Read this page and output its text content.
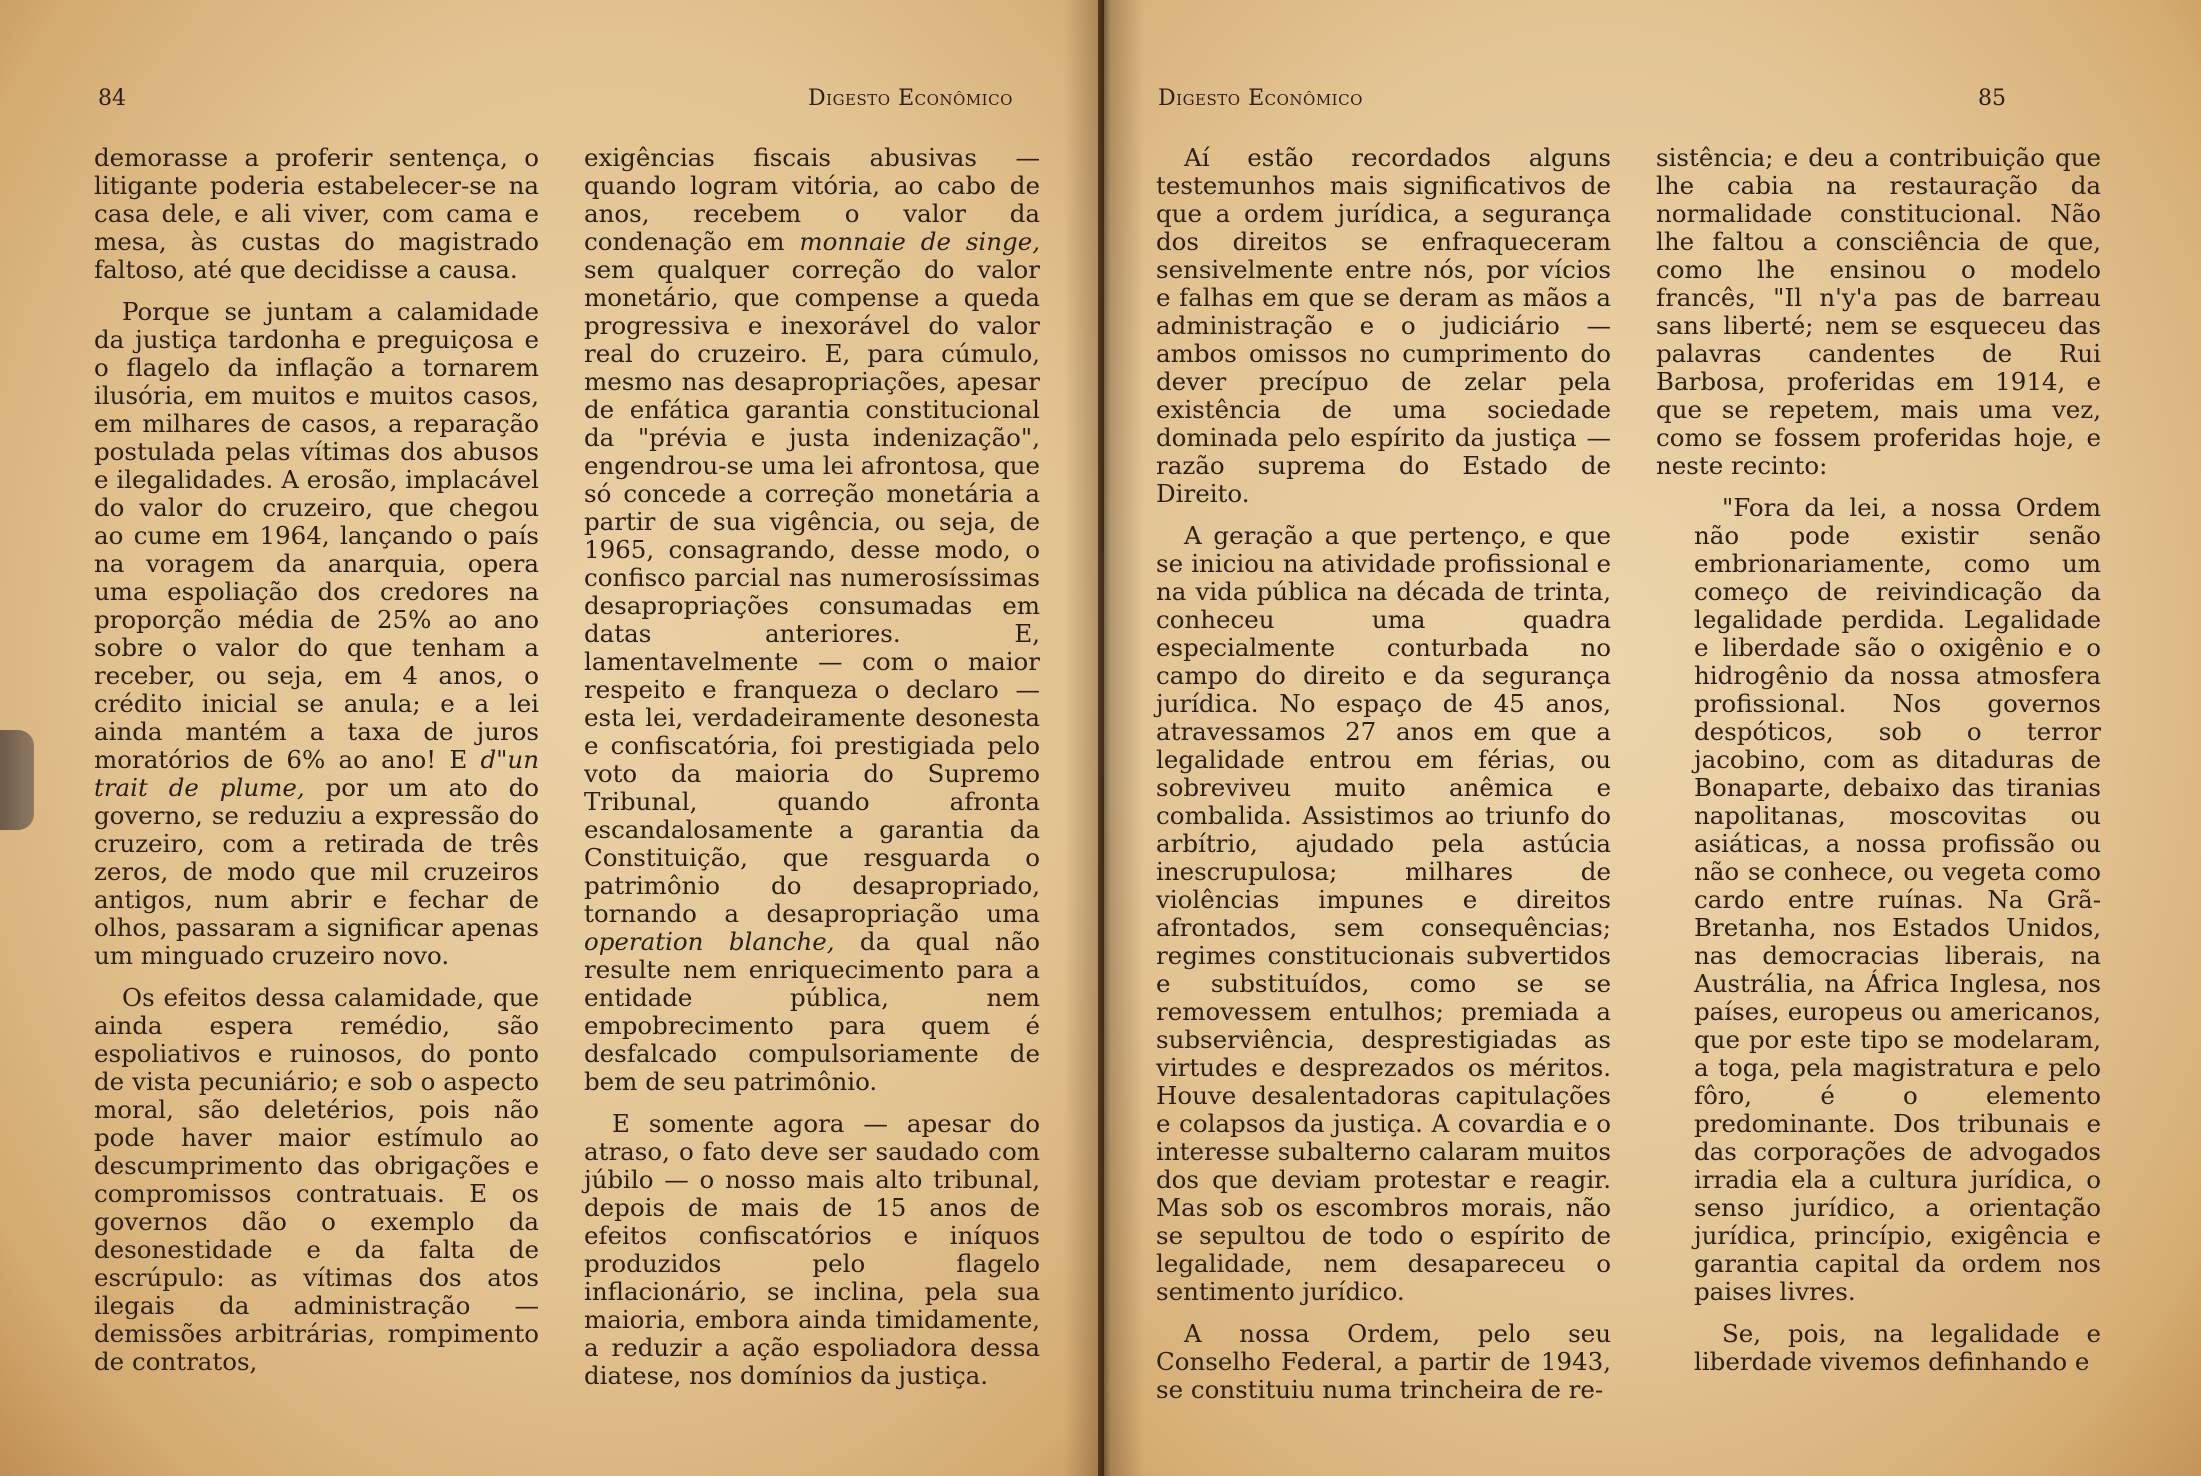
84	Digesto Econômico

demorasse a proferir sentença, o litigante poderia estabelecer-se na casa dele, e ali viver, com cama e mesa, às custas do magistrado faltoso, até que decidisse a causa.

Porque se juntam a calamidade da justiça tardonha e preguiçosa e o flagelo da inflação a tornarem ilusória, em muitos e muitos casos, em milhares de casos, a reparação postulada pelas vítimas dos abusos e ilegalidades. A erosão, implacável do valor do cruzeiro, que chegou ao cume em 1964, lançando o país na voragem da anarquia, opera uma espoliação dos credores na proporção média de 25% ao ano sobre o valor do que tenham a receber, ou seja, em 4 anos, o crédito inicial se anula; e a lei ainda mantém a taxa de juros moratórios de 6% ao ano! E d"un trait de plume, por um ato do governo, se reduziu a expressão do cruzeiro, com a retirada de três zeros, de modo que mil cruzeiros antigos, num abrir e fechar de olhos, passaram a significar apenas um minguado cruzeiro novo.

Os efeitos dessa calamidade, que ainda espera remédio, são espoliativos e ruinosos, do ponto de vista pecuniário; e sob o aspecto moral, são deletérios, pois não pode haver maior estímulo ao descumprimento das obrigações e compromissos contratuais. E os governos dão o exemplo da desonestidade e da falta de escrúpulo: as vítimas dos atos ilegais da administração — demissões arbitrárias, rompimento de contratos,

exigências fiscais abusivas — quando logram vitória, ao cabo de anos, recebem o valor da condenação em monnaie de singe, sem qualquer correção do valor monetário, que compense a queda progressiva e inexorável do valor real do cruzeiro. E, para cúmulo, mesmo nas desapropriações, apesar de enfática garantia constitucional da "prévia e justa indenização", engendrou-se uma lei afrontosa, que só concede a correção monetária a partir de sua vigência, ou seja, de 1965, consagrando, desse modo, o confisco parcial nas numerosíssimas desapropriações consumadas em datas anteriores. E, lamentavelmente — com o maior respeito e franqueza o declaro — esta lei, verdadeiramente desonesta e confiscatória, foi prestigiada pelo voto da maioria do Supremo Tribunal, quando afronta escandalosamente a garantia da Constituição, que resguarda o patrimônio do desapropriado, tornando a desapropriação uma operation blanche, da qual não resulte nem enriquecimento para a entidade pública, nem empobrecimento para quem é desfalcado compulsoriamente de bem de seu patrimônio.

E somente agora — apesar do atraso, o fato deve ser saudado com júbilo — o nosso mais alto tribunal, depois de mais de 15 anos de efeitos confiscatórios e iníquos produzidos pelo flagelo inflacionário, se inclina, pela sua maioria, embora ainda timidamente, a reduzir a ação espoliadora dessa diatese, nos domínios da justiça.

Digesto Econômico	85

Aí estão recordados alguns testemunhos mais significativos de que a ordem jurídica, a segurança dos direitos se enfraqueceram sensivelmente entre nós, por vícios e falhas em que se deram as mãos a administração e o judiciário — ambos omissos no cumprimento do dever precípuo de zelar pela existência de uma sociedade dominada pelo espírito da justiça — razão suprema do Estado de Direito.

A geração a que pertenço, e que se iniciou na atividade profissional e na vida pública na década de trinta, conheceu uma quadra especialmente conturbada no campo do direito e da segurança jurídica. No espaço de 45 anos, atravessamos 27 anos em que a legalidade entrou em férias, ou sobreviveu muito anêmica e combalida. Assistimos ao triunfo do arbítrio, ajudado pela astúcia inescrupulosa; milhares de violências impunes e direitos afrontados, sem consequências; regimes constitucionais subvertidos e substituídos, como se se removessem entulhos; premiada a subserviência, desprestigiadas as virtudes e desprezados os méritos. Houve desalentadoras capitulações e colapsos da justiça. A covardia e o interesse subalterno calaram muitos dos que deviam protestar e reagir. Mas sob os escombros morais, não se sepultou de todo o espírito de legalidade, nem desapareceu o sentimento jurídico.

A nossa Ordem, pelo seu Conselho Federal, a partir de 1943, se constituiu numa trincheira de re-

sistência; e deu a contribuição que lhe cabia na restauração da normalidade constitucional. Não lhe faltou a consciência de que, como lhe ensinou o modelo francês, "Il n'y'a pas de barreau sans liberté; nem se esqueceu das palavras candentes de Rui Barbosa, proferidas em 1914, e que se repetem, mais uma vez, como se fossem proferidas hoje, e neste recinto:

"Fora da lei, a nossa Ordem não pode existir senão embrionariamente, como um começo de reivindicação da legalidade perdida. Legalidade e liberdade são o oxigênio e o hidrogênio da nossa atmosfera profissional. Nos governos despóticos, sob o terror jacobino, com as ditaduras de Bonaparte, debaixo das tiranias napolitanas, moscovitas ou asiáticas, a nossa profissão ou não se conhece, ou vegeta como cardo entre ruínas. Na Grã-Bretanha, nos Estados Unidos, nas democracias liberais, na Austrália, na África Inglesa, nos países, europeus ou americanos, que por este tipo se modelaram, a toga, pela magistratura e pelo fôro, é o elemento predominante. Dos tribunais e das corporações de advogados irradia ela a cultura jurídica, o senso jurídico, a orientação jurídica, princípio, exigência e garantia capital da ordem nos paises livres.

Se, pois, na legalidade e liberdade vivemos definhando e
